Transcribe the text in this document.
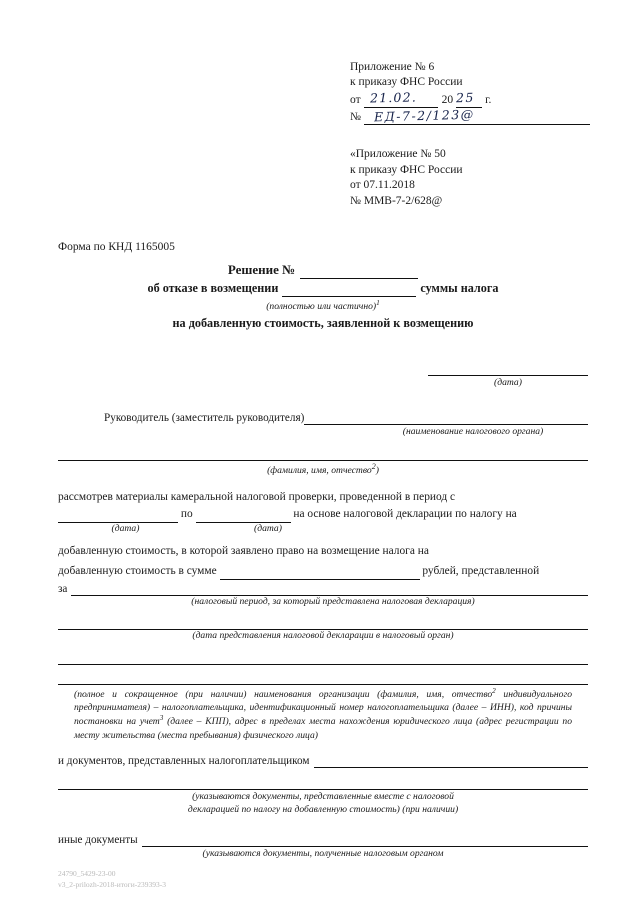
Приложение № 6
к приказу ФНС России
от 21.02. 20 25 г.
№ ЕД-7-2/123@
«Приложение № 50
к приказу ФНС России
от 07.11.2018
№ ММВ-7-2/628@
Форма по КНД 1165005
Решение №
об отказе в возмещении	суммы налога
(полностью или частично)$^1$
на добавленную стоимость, заявленной к возмещению
(дата)
Руководитель (заместитель руководителя)
(наименование налогового органа)
(фамилия, имя, отчество$^2$)
рассмотрев материалы камеральной налоговой проверки, проведенной в период с
по	на основе налоговой декларации по налогу на
(дата)	(дата)
добавленную стоимость, в которой заявлено право на возмещение налога на
добавленную стоимость в сумме	рублей, представленной
за
(налоговый период, за который представлена налоговая декларация)
(дата представления налоговой декларации в налоговый орган)
(полное и сокращенное (при наличии) наименования организации (фамилия, имя, отчество$^2$ индивидуального предпринимателя) – налогоплательщика, идентификационный номер налогоплательщика (далее – ИНН), код причины постановки на учет$^3$ (далее – КПП), адрес в пределах места нахождения юридического лица (адрес регистрации по месту жительства (места пребывания) физического лица)
и документов, представленных налогоплательщиком
(указываются документы, представленные вместе с налоговой
декларацией по налогу на добавленную стоимость) (при наличии)
иные документы
(указываются документы, полученные налоговым органом
24790_5429-23-00
v3_2-prilozh-2018-итоги-239393-3
